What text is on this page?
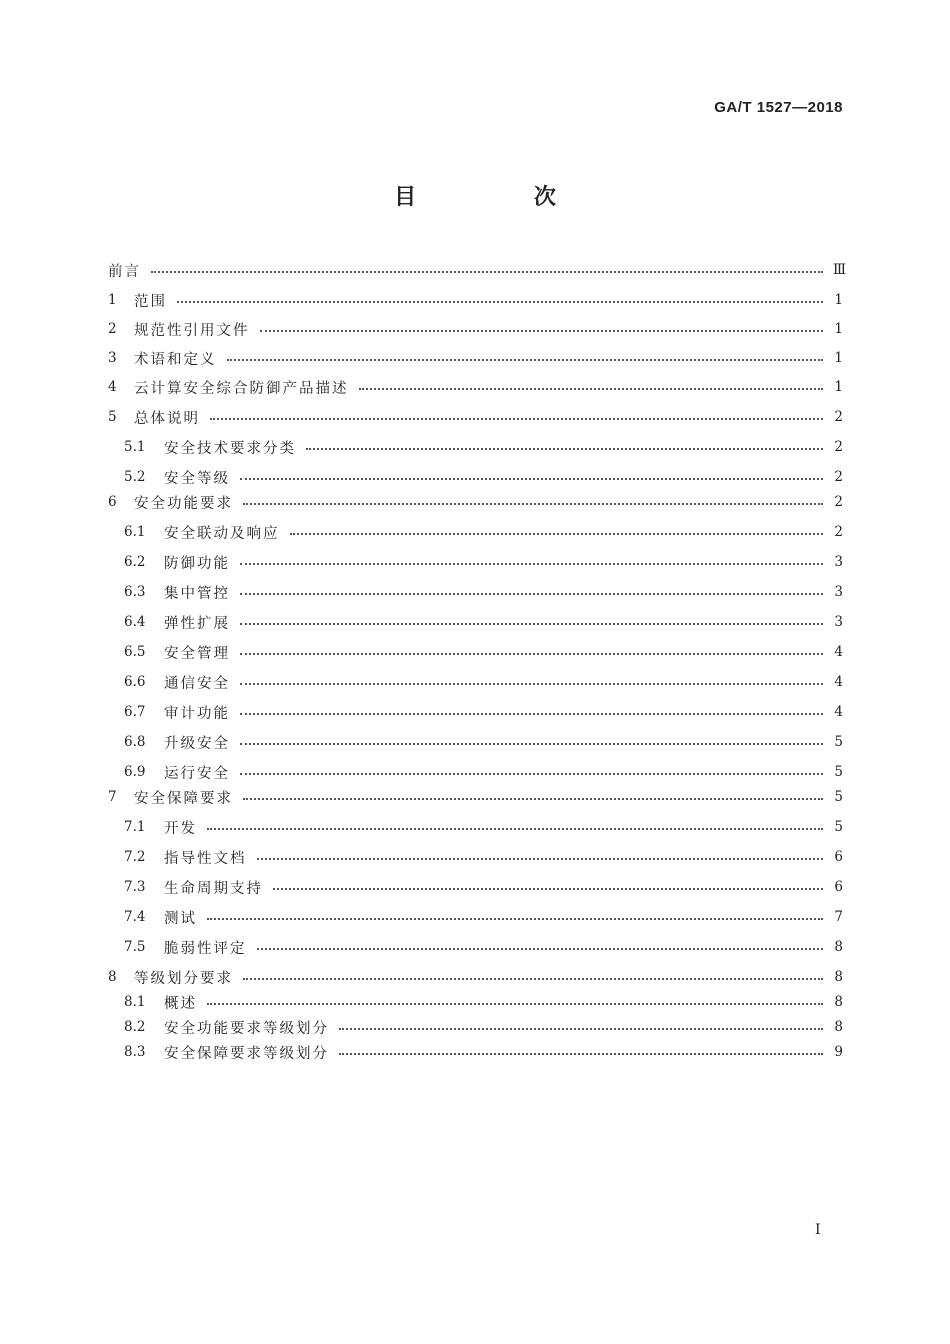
GA/T 1527—2018
目 次
前言	Ⅲ
1	范围	1
2	规范性引用文件	1
3	术语和定义	1
4	云计算安全综合防御产品描述	1
5	总体说明	2
5.1	安全技术要求分类	2
5.2	安全等级	2
6	安全功能要求	2
6.1	安全联动及响应	2
6.2	防御功能	3
6.3	集中管控	3
6.4	弹性扩展	3
6.5	安全管理	4
6.6	通信安全	4
6.7	审计功能	4
6.8	升级安全	5
6.9	运行安全	5
7	安全保障要求	5
7.1	开发	5
7.2	指导性文档	6
7.3	生命周期支持	6
7.4	测试	7
7.5	脆弱性评定	8
8	等级划分要求	8
8.1	概述	8
8.2	安全功能要求等级划分	8
8.3	安全保障要求等级划分	9
I
